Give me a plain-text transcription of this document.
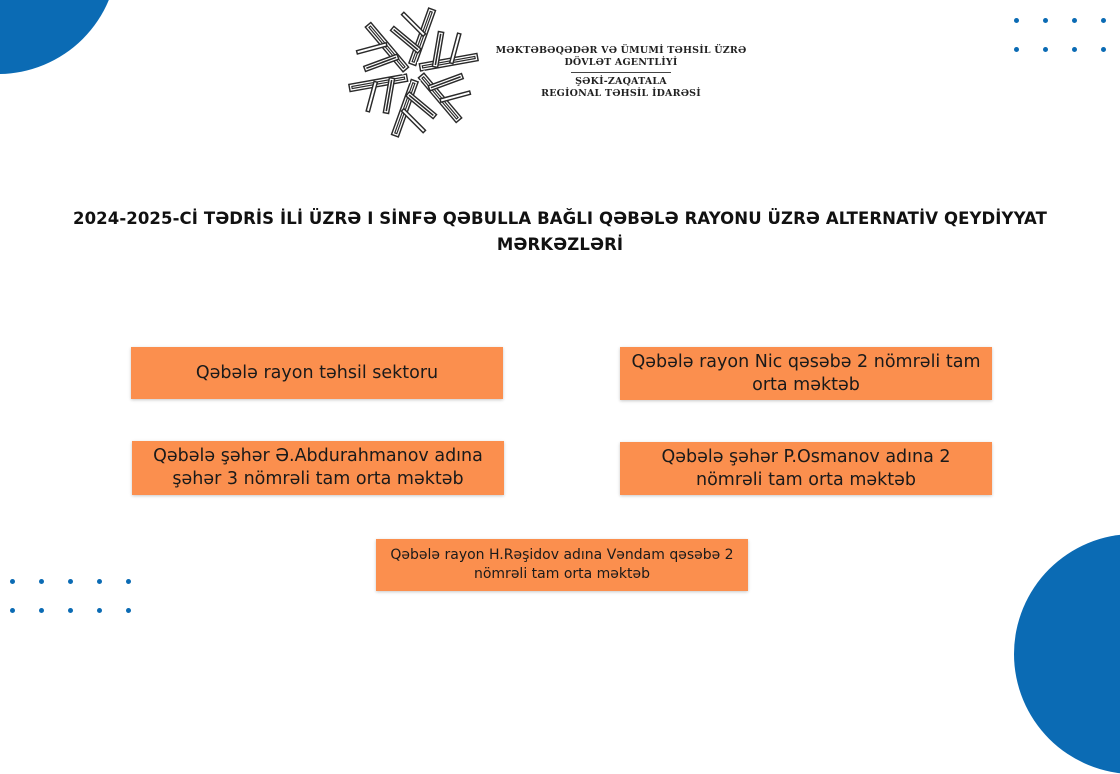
MƏKTƏBƏQƏDƏR VƏ ÜMUMİ TƏHSİL ÜZRƏ
DÖVLƏT AGENTLİYİ
ŞƏKİ-ZAQATALA
REGİONAL TƏHSİL İDARƏSİ
2024-2025-Cİ TƏDRİS İLİ ÜZRƏ I SİNFƏ QƏBULLA BAĞLI QƏBƏLƏ RAYONU ÜZRƏ ALTERNATİV QEYDİYYAT MƏRKƏZLƏRİ
Qəbələ rayon təhsil sektoru
Qəbələ rayon Nic qəsəbə 2 nömrəli tam orta məktəb
Qəbələ şəhər Ə.Abdurahmanov adına şəhər 3 nömrəli tam orta məktəb
Qəbələ şəhər P.Osmanov adına 2 nömrəli tam orta məktəb
Qəbələ rayon H.Rəşidov adına Vəndam qəsəbə 2 nömrəli tam orta məktəb
